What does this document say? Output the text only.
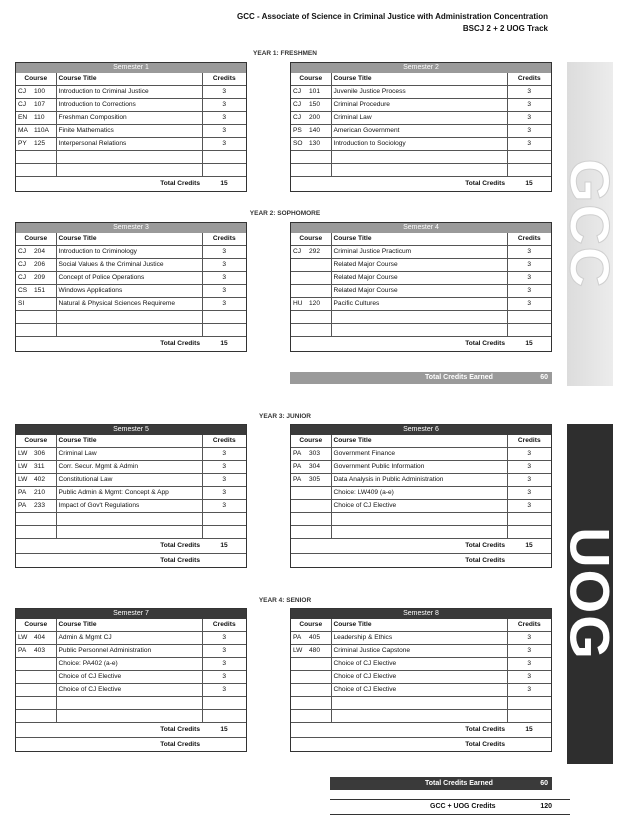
GCC - Associate of Science in Criminal Justice with Administration Concentration
BSCJ 2 + 2 UOG Track
YEAR 1: FRESHMEN
YEAR 2: SOPHOMORE
YEAR 3: JUNIOR
YEAR 4: SENIOR
Semester 1
Course	Course Title	Credits
CJ 100	Introduction to Criminal Justice	3
CJ 107	Introduction to Corrections	3
EN 110	Freshman Composition	3
MA 110A	Finite Mathematics	3
PY 125	Interpersonal Relations	3

	Total Credits	15
Semester 2
Course	Course Title	Credits
CJ 101	Juvenile Justice Process	3
CJ 150	Criminal Procedure	3
CJ 200	Criminal Law	3
PS 140	American Government	3
SO 130	Introduction to Sociology	3

	Total Credits	15
Semester 3
Course	Course Title	Credits
CJ 204	Introduction to Criminology	3
CJ 206	Social Values & the Criminal Justice	3
CJ 209	Concept of Police Operations	3
CS 151	Windows Applications	3
SI	Natural & Physical Sciences Requireme	3

	Total Credits	15
Semester 4
Course	Course Title	Credits
CJ 292	Criminal Justice Practicum	3
	Related Major Course	3
	Related Major Course	3
	Related Major Course	3
HU 120	Pacific Cultures	3

	Total Credits	15
Semester 5
Course	Course Title	Credits
LW 306	Criminal Law	3
LW 311	Corr. Secur. Mgmt & Admin	3
LW 402	Constitutional Law	3
PA 210	Public Admin & Mgmt: Concept & App	3
PA 233	Impact of Gov't Regulations	3

	Total Credits	15
	Total Credits	
Semester 6
Course	Course Title	Credits
PA 303	Government Finance	3
PA 304	Government Public Information	3
PA 305	Data Analysis in Public Administration	3
	Choice: LW409 (a-e)	3
	Choice of CJ Elective	3

	Total Credits	15
	Total Credits	
Semester 7
Course	Course Title	Credits
LW 404	Admin & Mgmt CJ	3
PA 403	Public Personnel Administration	3
	Choice: PA402 (a-e)	3
	Choice of CJ Elective	3
	Choice of CJ Elective	3

	Total Credits	15
	Total Credits	
Semester 8
Course	Course Title	Credits
PA 405	Leadership & Ethics	3
LW 480	Criminal Justice Capstone	3
	Choice of CJ Elective	3
	Choice of CJ Elective	3
	Choice of CJ Elective	3

	Total Credits	15
	Total Credits	
Total Credits Earned	60
Total Credits Earned	60
GCC + UOG Credits	120
GCC
UOG
